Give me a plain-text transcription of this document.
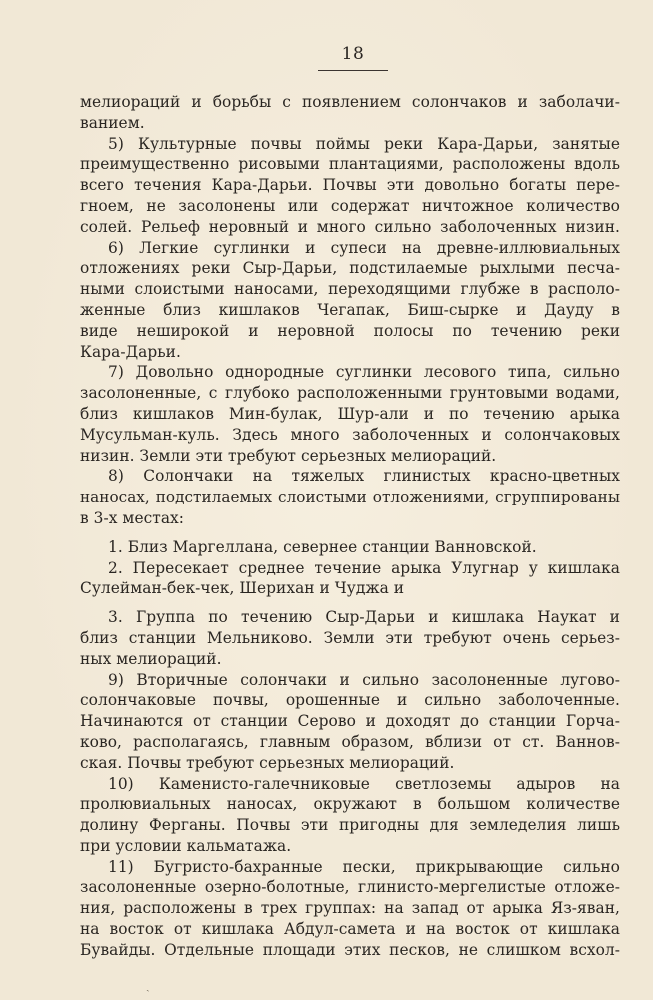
18
мелиораций и борьбы с появлением солончаков и заболачи-
ванием.
5) Культурные почвы поймы реки Кара-Дарьи, занятые
преимущественно рисовыми плантациями, расположены вдоль
всего течения Кара-Дарьи. Почвы эти довольно богаты пере-
гноем, не засолонены или содержат ничтожное количество
солей. Рельеф неровный и много сильно заболоченных низин.
6) Легкие суглинки и супеси на древне-иллювиальных
отложениях реки Сыр-Дарьи, подстилаемые рыхлыми песча-
ными слоистыми наносами, переходящими глубже в располо-
женные близ кишлаков Чегапак, Биш-сырке и Дауду в
виде неширокой и неровной полосы по течению реки
Кара-Дарьи.
7) Довольно однородные суглинки лесового типа, сильно
засолоненные, с глубоко расположенными грунтовыми водами,
близ кишлаков Мин-булак, Шур-али и по течению арыка
Мусульман-куль. Здесь много заболоченных и солончаковых
низин. Земли эти требуют серьезных мелиораций.
8) Солончаки на тяжелых глинистых красно-цветных
наносах, подстилаемых слоистыми отложениями, сгруппированы
в 3-х местах:
1. Близ Маргеллана, севернее станции Ванновской.
2. Пересекает среднее течение арыка Улугнар у кишлака
Сулейман-бек-чек, Шерихан и Чуджа и
3. Группа по течению Сыр-Дарьи и кишлака Наукат и
близ станции Мельниково. Земли эти требуют очень серьез-
ных мелиораций.
9) Вторичные солончаки и сильно засолоненные лугово-
солончаковые почвы, орошенные и сильно заболоченные.
Начинаются от станции Серово и доходят до станции Горча-
ково, располагаясь, главным образом, вблизи от ст. Ваннов-
ская. Почвы требуют серьезных мелиораций.
10) Каменисто-галечниковые светлоземы адыров на
пролювиальных наносах, окружают в большом количестве
долину Ферганы. Почвы эти пригодны для земледелия лишь
при условии кальматажа.
11) Бугристо-бахранные пески, прикрывающие сильно
засолоненные озерно-болотные, глинисто-мергелистые отложе-
ния, расположены в трех группах: на запад от арыка Яз-яван,
на восток от кишлака Абдул-самета и на восток от кишлака
Бувайды. Отдельные площади этих песков, не слишком всхол-
ˎ
